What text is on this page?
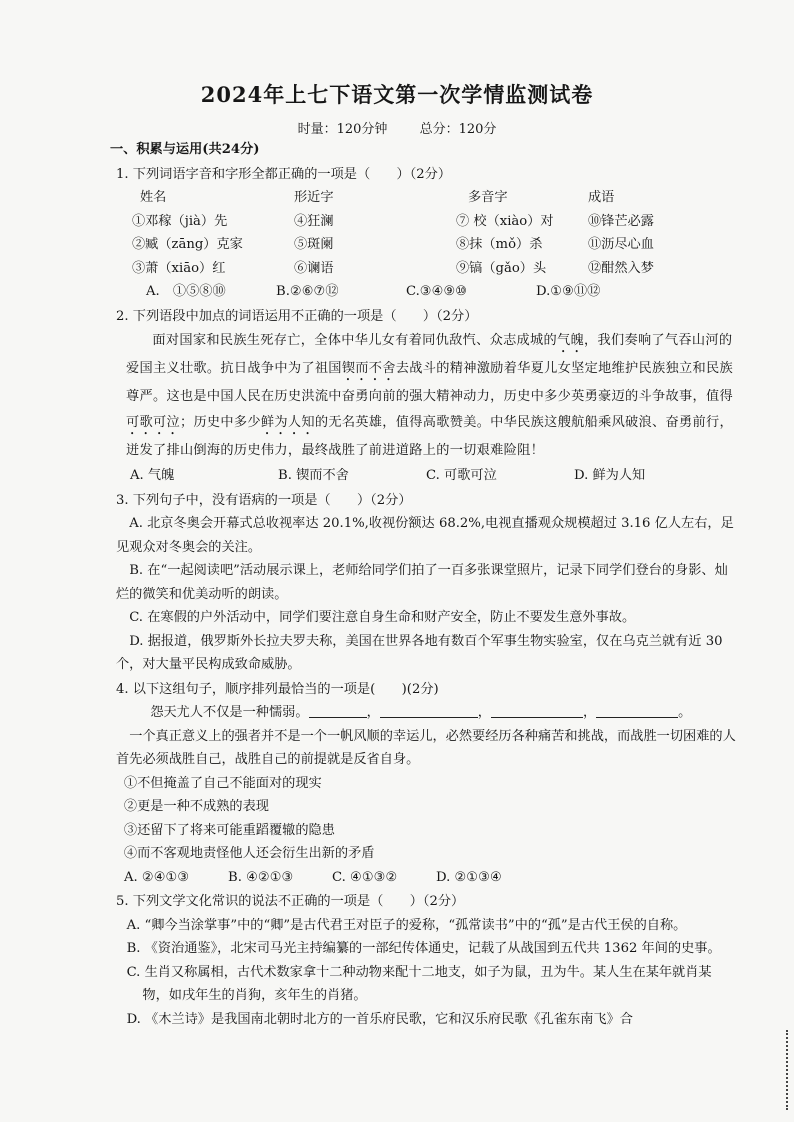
2024年上七下语文第一次学情监测试卷
时量：120分钟 总分：120分
一、积累与运用(共24分)
1. 下列词语字音和字形全都正确的一项是（　　）（2分）
姓名	形近字	多音字	成语
①邓稼（jià）先	④狂澜	⑦ 校（xiào）对	⑩锋芒必露
②臧（zāng）克家	⑤斑阑	⑧抹（mǒ）杀	⑪沥尽心血
③萧（xiāo）红	⑥谰语	⑨镐（gǎo）头	⑫酣然入梦
A.　①⑤⑧⑩	B.②⑥⑦⑫	C.③④⑨⑩	D.①⑨⑪⑫
2. 下列语段中加点的词语运用不正确的一项是（　　）（2分）
面对国家和民族生死存亡，全体中华儿女有着同仇敌忾、众志成城的气魄，我们奏响了气吞山河的爱国主义壮歌。抗日战争中为了祖国锲而不舍去战斗的精神激励着华夏儿女坚定地维护民族独立和民族尊严。这也是中国人民在历史洪流中奋勇向前的强大精神动力，历史中多少英勇豪迈的斗争故事，值得可歌可泣；历史中多少鲜为人知的无名英雄，值得高歌赞美。中华民族这艘航船乘风破浪、奋勇前行，迸发了排山倒海的历史伟力，最终战胜了前进道路上的一切艰难险阻！
A. 气魄	B. 锲而不舍	C. 可歌可泣	D. 鲜为人知
3. 下列句子中，没有语病的一项是（　　）（2分）
A. 北京冬奥会开幕式总收视率达 20.1%,收视份额达 68.2%,电视直播观众规模超过 3.16 亿人左右，足见观众对冬奥会的关注。
B. 在“一起阅读吧”活动展示课上，老师给同学们拍了一百多张课堂照片，记录下同学们登台的身影、灿烂的微笑和优美动听的朗读。
C. 在寒假的户外活动中，同学们要注意自身生命和财产安全，防止不要发生意外事故。
D. 据报道，俄罗斯外长拉夫罗夫称，美国在世界各地有数百个军事生物实验室，仅在乌克兰就有近 30 个，对大量平民构成致命威胁。
4. 以下这组句子，顺序排列最恰当的一项是(　　)(2分)
怨天尤人不仅是一种懦弱。	，	，	，	。
一个真正意义上的强者并不是一个一帆风顺的幸运儿，必然要经历各种痛苦和挑战，而战胜一切困难的人首先必须战胜自己，战胜自己的前提就是反省自身。
①不但掩盖了自己不能面对的现实
②更是一种不成熟的表现
③还留下了将来可能重蹈覆辙的隐患
④而不客观地责怪他人还会衍生出新的矛盾
A. ②④①③	B. ④②①③	C. ④①③②	D. ②①③④
5. 下列文学文化常识的说法不正确的一项是（　　）（2分）
A. “卿今当涂掌事”中的“卿”是古代君王对臣子的爱称，“孤常读书”中的“孤”是古代王侯的自称。
B. 《资治通鉴》，北宋司马光主持编纂的一部纪传体通史，记载了从战国到五代共 1362 年间的史事。
C. 生肖又称属相，古代术数家拿十二种动物来配十二地支，如子为鼠，丑为牛。某人生在某年就肖某物，如戌年生的肖狗，亥年生的肖猪。
D. 《木兰诗》是我国南北朝时北方的一首乐府民歌，它和汉乐府民歌《孔雀东南飞》合
